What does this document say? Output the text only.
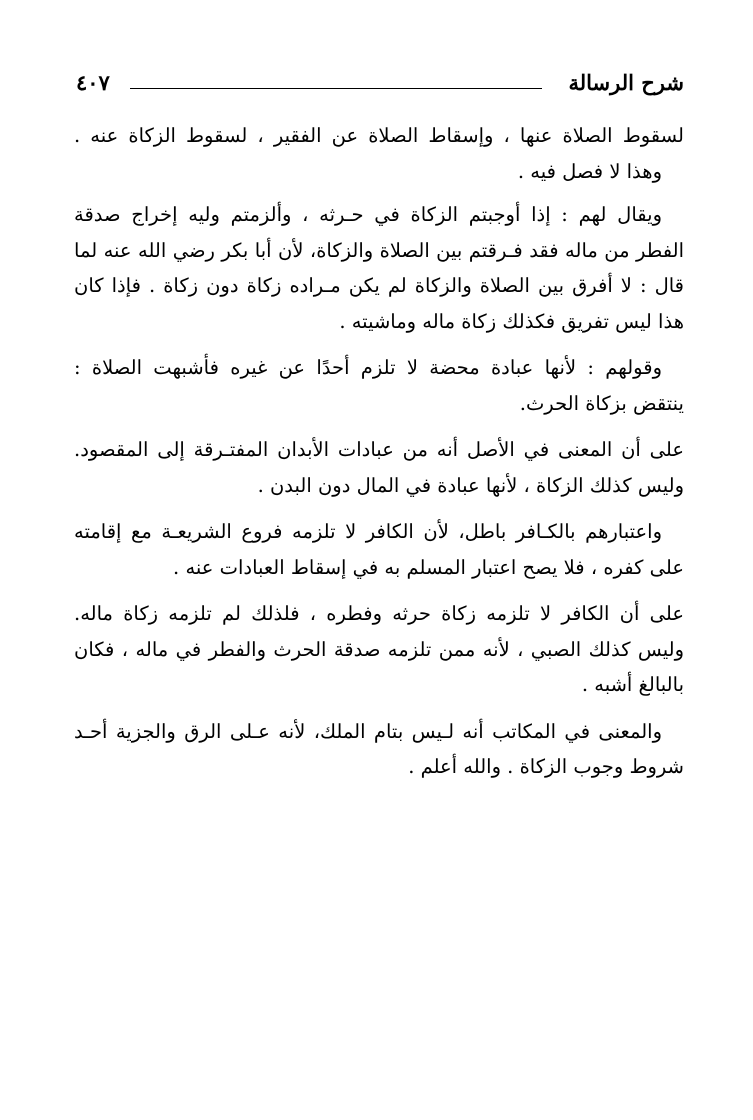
شرح الرسالة
٤٠٧
لسقوط الصلاة عنها ، وإسقاط الصلاة عن الفقير ، لسقوط الزكاة عنه .
وهذا لا فصل فيه .
ويقال لهم : إذا أوجبتم الزكاة في حـرثه ، وألزمتم وليه إخراج صدقة
الفطر من ماله فقد فـرقتم بين الصلاة والزكاة، لأن أبا بكر رضي الله عنه لما
قال : لا أفرق بين الصلاة والزكاة لم يكن مـراده زكاة دون زكاة . فإذا كان
هذا ليس تفريق فكذلك زكاة ماله وماشيته .
وقولهم : لأنها عبادة محضة لا تلزم أحدًا عن غيره فأشبهت الصلاة :
ينتقض بزكاة الحرث.
على أن المعنى في الأصل أنه من عبادات الأبدان المفتـرقة إلى المقصود.
وليس كذلك الزكاة ، لأنها عبادة في المال دون البدن .
واعتبارهم بالكـافر باطل، لأن الكافر لا تلزمه فروع الشريعـة مع إقامته
على كفره ، فلا يصح اعتبار المسلم به في إسقاط العبادات عنه .
على أن الكافر لا تلزمه زكاة حرثه وفطره ، فلذلك لم تلزمه زكاة ماله.
وليس كذلك الصبي ، لأنه ممن تلزمه صدقة الحرث والفطر في ماله ، فكان
بالبالغ أشبه .
والمعنى في المكاتب أنه لـيس بتام الملك، لأنه عـلى الرق والجزية أحـد
شروط وجوب الزكاة . والله أعلم .
